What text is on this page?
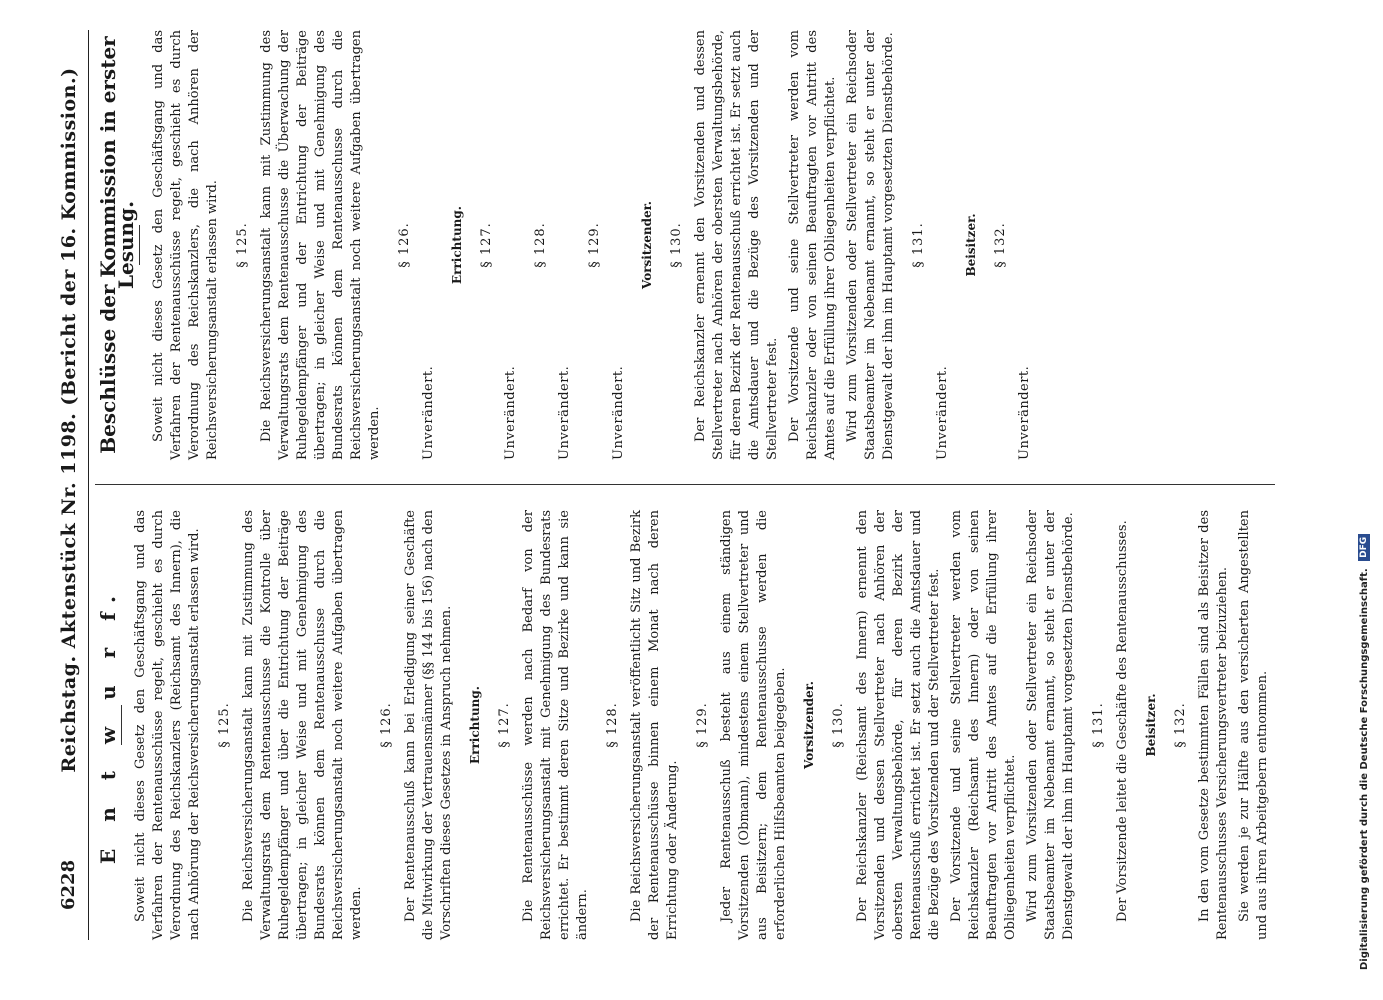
6228
Reichstag. Aktenstück Nr. 1198. (Bericht der 16. Kommission.) E n t w u r f. Soweit nicht dieses Gesetz den Geschäftsgang und das Verfahren der Rentenausschüsse regelt, geschieht es durch Verordnung des Reichskanzlers (Reichsamt des Innern), die nach Anhörung der Reichsversicherungsanstalt erlassen wird. § 125. Die Reichsversicherungsanstalt kann mit Zustimmung des Verwaltungsrats dem Rentenausschusse die Kontrolle über Ruhegeldempfänger und über die Entrichtung der Beiträge übertragen; in gleicher Weise und mit Genehmigung des Bundesrats können dem Rentenausschusse durch die Reichsversicherungsanstalt noch weitere Aufgaben übertragen werden.

§ 126. Der Rentenausschuß kann bei Erledigung seiner Geschäfte die Mitwirkung der Vertrauensmänner (§§ 144 bis 156) nach den Vorschriften dieses Gesetzes in Anspruch nehmen. Errichtung. § 127. Die Rentenausschüsse werden nach Bedarf von der Reichsversicherungsanstalt mit Genehmigung des Bundesrats errichtet. Er bestimmt deren Sitze und Bezirke und kann sie ändern.

§ 128. Die Reichsversicherungsanstalt veröffentlicht Sitz und Bezirk der Rentenausschüsse binnen einem Monat nach deren Errichtung oder Änderung.

§ 129. Jeder Rentenausschuß besteht aus einem ständigen Vorsitzenden (Obmann), mindestens einem Stellvertreter und aus Beisitzern; dem Rentenausschusse werden die erforderlichen Hilfsbeamten beigegeben. Vorsitzender. § 130. Der Reichskanzler (Reichsamt des Innern) ernennt den Vorsitzenden und dessen Stellvertreter nach Anhören der obersten Verwaltungsbehörde, für deren Bezirk der Rentenausschuß errichtet ist. Er setzt auch die Amtsdauer und die Bezüge des Vorsitzenden und der Stellvertreter fest. Der Vorsitzende und seine Stellvertreter werden vom Reichskanzler (Reichsamt des Innern) oder von seinen Beauftragten vor Antritt des Amtes auf die Erfüllung ihrer Obliegenheiten verpflichtet. Wird zum Vorsitzenden oder Stellvertreter ein Reichsoder Staatsbeamter im Nebenamt ernannt, so steht er unter der Dienstgewalt der ihm im Hauptamt vorgesetzten Dienstbehörde. § 131. Der Vorsitzende leitet die Geschäfte des Rentenausschusses. Beisitzer. § 132. In den vom Gesetze bestimmten Fällen sind als Beisitzer des Rentenausschusses Versicherungsvertreter beizuziehen. Sie werden je zur Hälfte aus den versicherten Angestellten und aus ihren Arbeitgebern entnommen.

Beschlüsse der Kommission in erster Lesung. Soweit nicht dieses Gesetz den Geschäftsgang und das Verfahren der Rentenausschüsse regelt, geschieht es durch Verordnung des Reichskanzlers, die nach Anhören der Reichsversicherungsanstalt erlassen wird. § 125. Die Reichsversicherungsanstalt kann mit Zustimmung des Verwaltungsrats dem Rentenausschusse die Überwachung der Ruhegeldempfänger und der Entrichtung der Beiträge übertragen; in gleicher Weise und mit Genehmigung des Bundesrats können dem Rentenausschusse durch die Reichsversicherungsanstalt noch weitere Aufgaben übertragen werden.

§ 126.

Unverändert.

Errichtung. § 127.

Unverändert.

§ 128.

Unverändert.

§ 129.

Unverändert.

Vorsitzender. § 130. Der Reichskanzler ernennt den Vorsitzenden und dessen Stellvertreter nach Anhören der obersten Verwaltungsbehörde, für deren Bezirk der Rentenausschuß errichtet ist. Er setzt auch die Amtsdauer und die Bezüge des Vorsitzenden und der Stellvertreter fest. Der Vorsitzende und seine Stellvertreter werden vom Reichskanzler oder von seinen Beauftragten vor Antritt des Amtes auf die Erfüllung ihrer Obliegenheiten verpflichtet. Wird zum Vorsitzenden oder Stellvertreter ein Reichsoder Staatsbeamter im Nebenamt ernannt, so steht er unter der Dienstgewalt der ihm im Hauptamt vorgesetzten Dienstbehörde. § 131.

Unverändert.

Beisitzer. § 132.

Unverändert.

Digitalisierung gefördert durch die Deutsche Forschungsgemeinschaft. DFG
